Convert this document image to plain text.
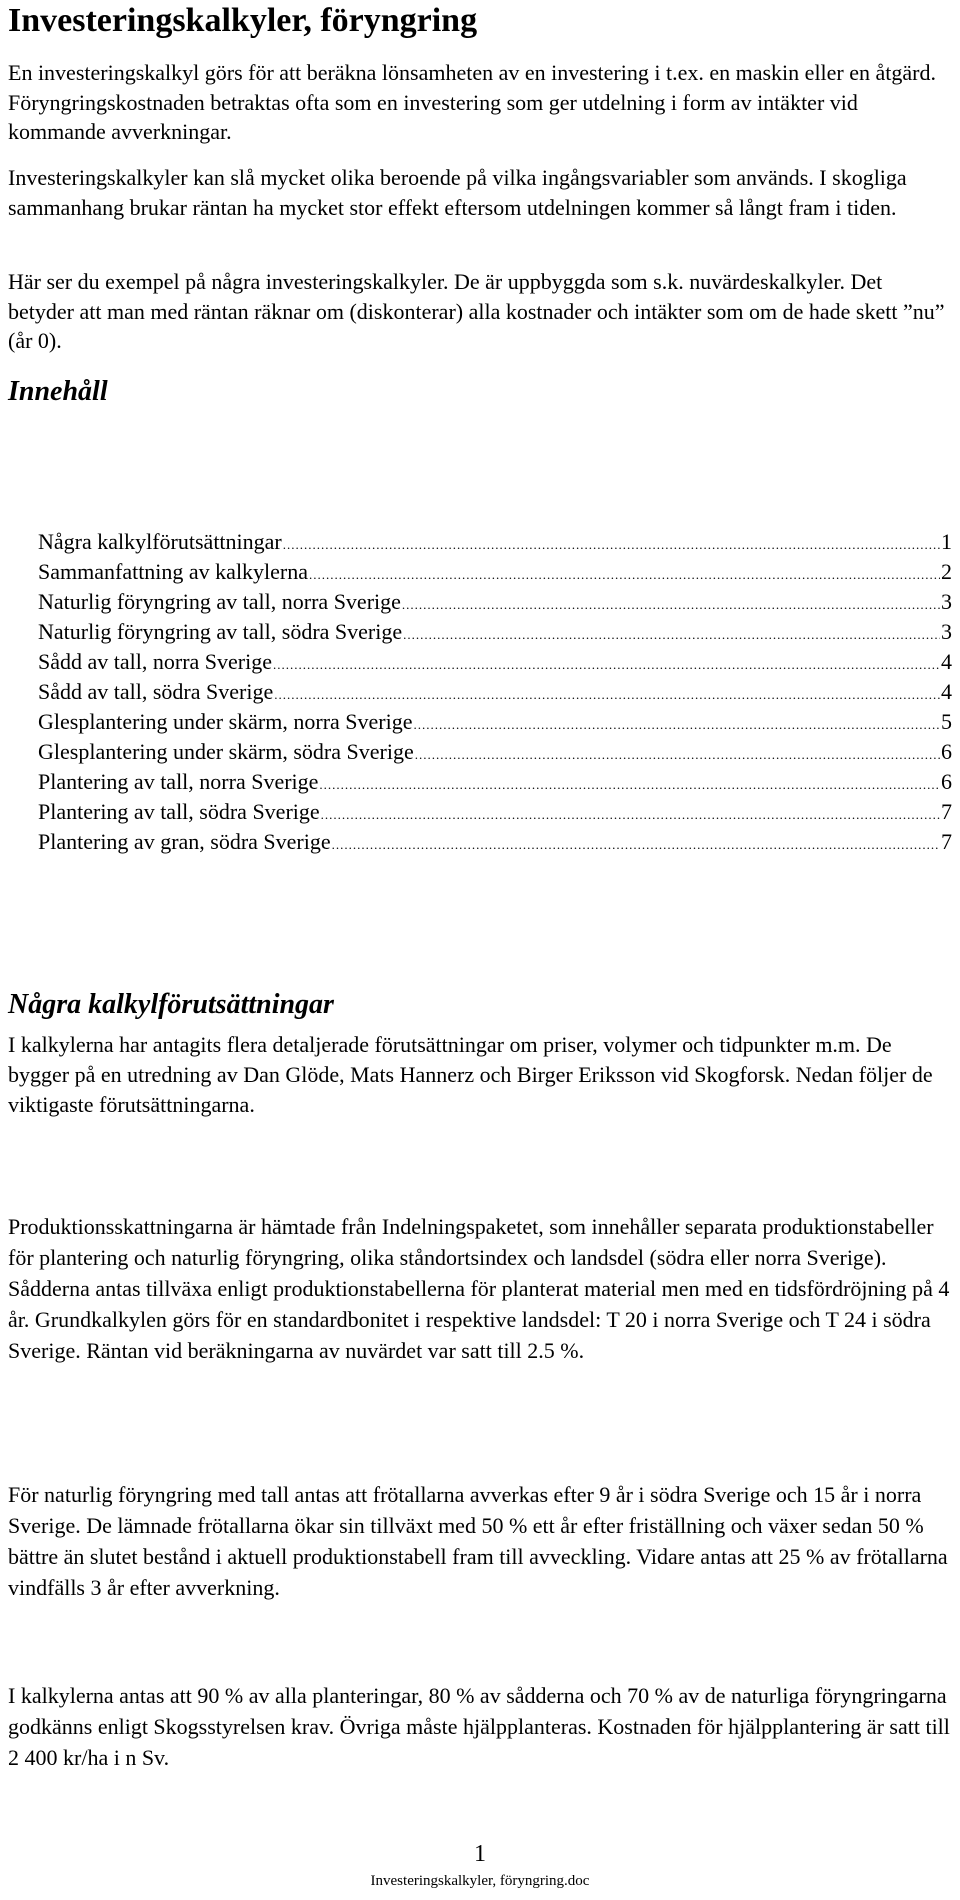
Investeringskalkyler, föryngring

En investeringskalkyl görs för att beräkna lönsamheten av en investering i t.ex. en maskin eller en åtgärd. Föryngringskostnaden betraktas ofta som en investering som ger utdelning i form av intäkter vid kommande avverkningar.

Investeringskalkyler kan slå mycket olika beroende på vilka ingångsvariabler som används. I skogliga sammanhang brukar räntan ha mycket stor effekt eftersom utdelningen kommer så långt fram i tiden.

Här ser du exempel på några investeringskalkyler. De är uppbyggda som s.k. nuvärdeskalkyler. Det betyder att man med räntan räknar om (diskonterar) alla kostnader och intäkter som om de hade skett ”nu” (år 0).

Innehåll
Några kalkylförutsättningar .....	1
Sammanfattning av kalkylerna .....	2
Naturlig föryngring av tall, norra Sverige .....	3
Naturlig föryngring av tall, södra Sverige .....	3
Sådd av tall, norra Sverige .....	4
Sådd av tall, södra Sverige .....	4
Glesplantering under skärm, norra Sverige .....	5
Glesplantering under skärm, södra Sverige .....	6
Plantering av tall, norra Sverige .....	6
Plantering av tall, södra Sverige .....	7
Plantering av gran, södra Sverige .....	7
Några kalkylförutsättningar

I kalkylerna har antagits flera detaljerade förutsättningar om priser, volymer och tidpunkter m.m. De bygger på en utredning av Dan Glöde, Mats Hannerz och Birger Eriksson vid Skogforsk. Nedan följer de viktigaste förutsättningarna.

Produktionsskattningarna är hämtade från Indelningspaketet, som innehåller separata produktionstabeller för plantering och naturlig föryngring, olika ståndortsindex och landsdel (södra eller norra Sverige). Sådderna antas tillväxa enligt produktionstabellerna för planterat material men med en tidsfördröjning på 4 år. Grundkalkylen görs för en standardbonitet i respektive landsdel: T 20 i norra Sverige och T 24 i södra Sverige. Räntan vid beräkningarna av nuvärdet var satt till 2.5 %.

För naturlig föryngring med tall antas att frötallarna avverkas efter 9 år i södra Sverige och 15 år i norra Sverige. De lämnade frötallarna ökar sin tillväxt med 50 % ett år efter friställning och växer sedan 50 % bättre än slutet bestånd i aktuell produktionstabell fram till avveckling. Vidare antas att 25 % av frötallarna vindfälls 3 år efter avverkning.

I kalkylerna antas att 90 % av alla planteringar, 80 % av sådderna och 70 % av de naturliga föryngringarna godkänns enligt Skogsstyrelsen krav. Övriga måste hjälpplanteras. Kostnaden för hjälpplantering är satt till 2 400 kr/ha i n Sv.

1
Investeringskalkyler, föryngring.doc
